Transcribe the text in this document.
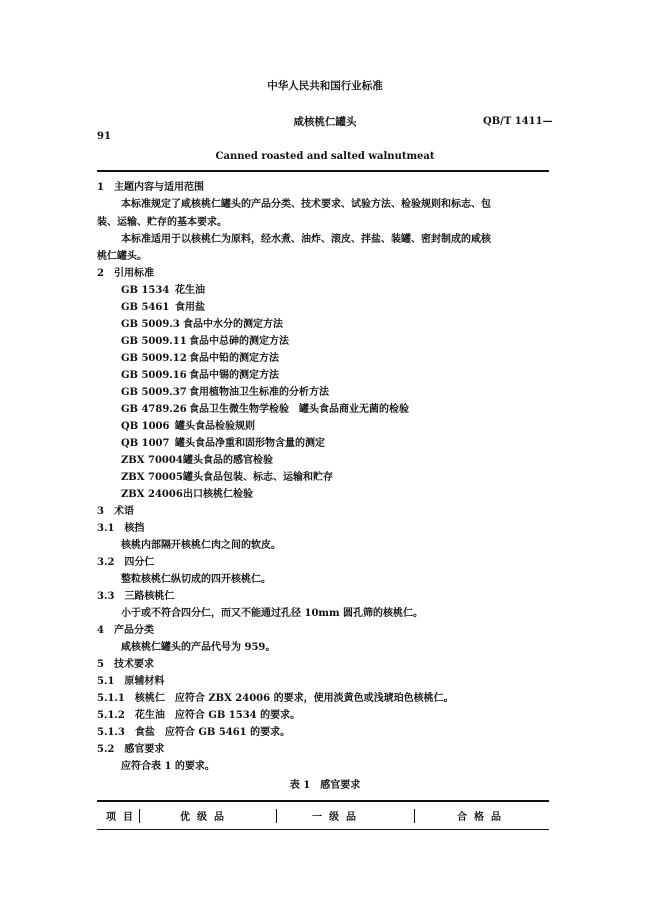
中华人民共和国行业标准
咸核桃仁罐头	QB/T 1411—
91
Canned roasted and salted walnutmeat
1　主题内容与适用范围
本标准规定了咸核桃仁罐头的产品分类、技术要求、试验方法、检验规则和标志、包
装、运输、贮存的基本要求。
本标准适用于以核桃仁为原料，经水煮、油炸、滚皮、拌盐、装罐、密封制成的咸核
桃仁罐头。
2　引用标准
GB 1534 花生油
GB 5461 食用盐
GB 5009.3 食品中水分的测定方法
GB 5009.11 食品中总砷的测定方法
GB 5009.12 食品中铅的测定方法
GB 5009.16 食品中锡的测定方法
GB 5009.37 食用植物油卫生标准的分析方法
GB 4789.26 食品卫生微生物学检验　罐头食品商业无菌的检验
QB 1006 罐头食品检验规则
QB 1007 罐头食品净重和固形物含量的测定
ZBX 70004 罐头食品的感官检验
ZBX 70005 罐头食品包装、标志、运输和贮存
ZBX 24006 出口核桃仁检验
3　术语
3.1　核挡
核桃内部隔开核桃仁肉之间的软皮。
3.2　四分仁
整粒核桃仁纵切成的四开核桃仁。
3.3　三路核桃仁
小于或不符合四分仁，而又不能通过孔径 10mm 圆孔筛的核桃仁。
4　产品分类
咸核桃仁罐头的产品代号为 959。
5　技术要求
5.1　原辅材料
5.1.1　核桃仁　应符合 ZBX 24006 的要求，使用淡黄色或浅琥珀色核桃仁。
5.1.2　花生油　应符合 GB 1534 的要求。
5.1.3　食盐　应符合 GB 5461 的要求。
5.2　感官要求
应符合表 1 的要求。
表 1　感官要求
项目	优级品	一级品	合格品
